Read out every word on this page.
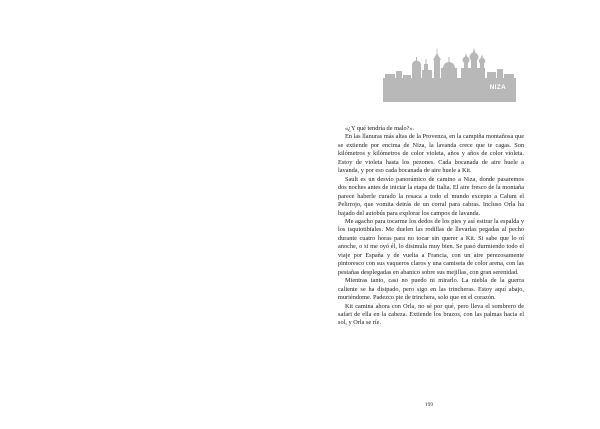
NIZA

«¿Y qué tendría de malo?».

En las llanuras más altas de la Provenza, en la campiña montañosa que se extiende por encima de Niza, la lavanda crece que te cagas. Son kilómetros y kilómetros de color violeta, años y años de color violeta. Estoy de violeta hasta los pezones. Cada bocanada de aire huele a lavanda, y por eso cada bocanada de aire huele a Kit.

Sault es un desvío panorámico de camino a Niza, donde pasaremos dos noches antes de iniciar la etapa de Italia. El aire fresco de la montaña parece haberle curado la resaca a todo el mundo excepto a Calum el Pelirrojo, que vomita detrás de un corral para cabras. Incluso Orla ha bajado del autobús para explorar los campos de lavanda.

Me agacho para tocarme los dedos de los pies y así estirar la espalda y los isquiotibiales. Me duelen las rodillas de llevarlas pegadas al pecho durante cuatro horas para no tocar sin querer a Kit. Si sabe que lo oí anoche, o si me oyó él, lo disimula muy bien. Se pasó durmiendo todo el viaje por España y de vuelta a Francia, con un aire perezosamente pintoresco con sus vaqueros claros y una camiseta de color arena, con las pestañas desplegadas en abanico sobre sus mejillas, con gran serenidad.

Mientras tanto, casi no puedo ni mirarlo. La niebla de la guerra caliente se ha disipado, pero sigo en las trincheras. Estoy aquí abajo, muriéndome. Padezco pie de trinchera, solo que en el corazón.

Kit camina ahora con Orla, no sé por qué, pero lleva el sombrero de safari de ella en la cabeza. Extiende los brazos, con las palmas hacia el sol, y Orla se ríe.

199
